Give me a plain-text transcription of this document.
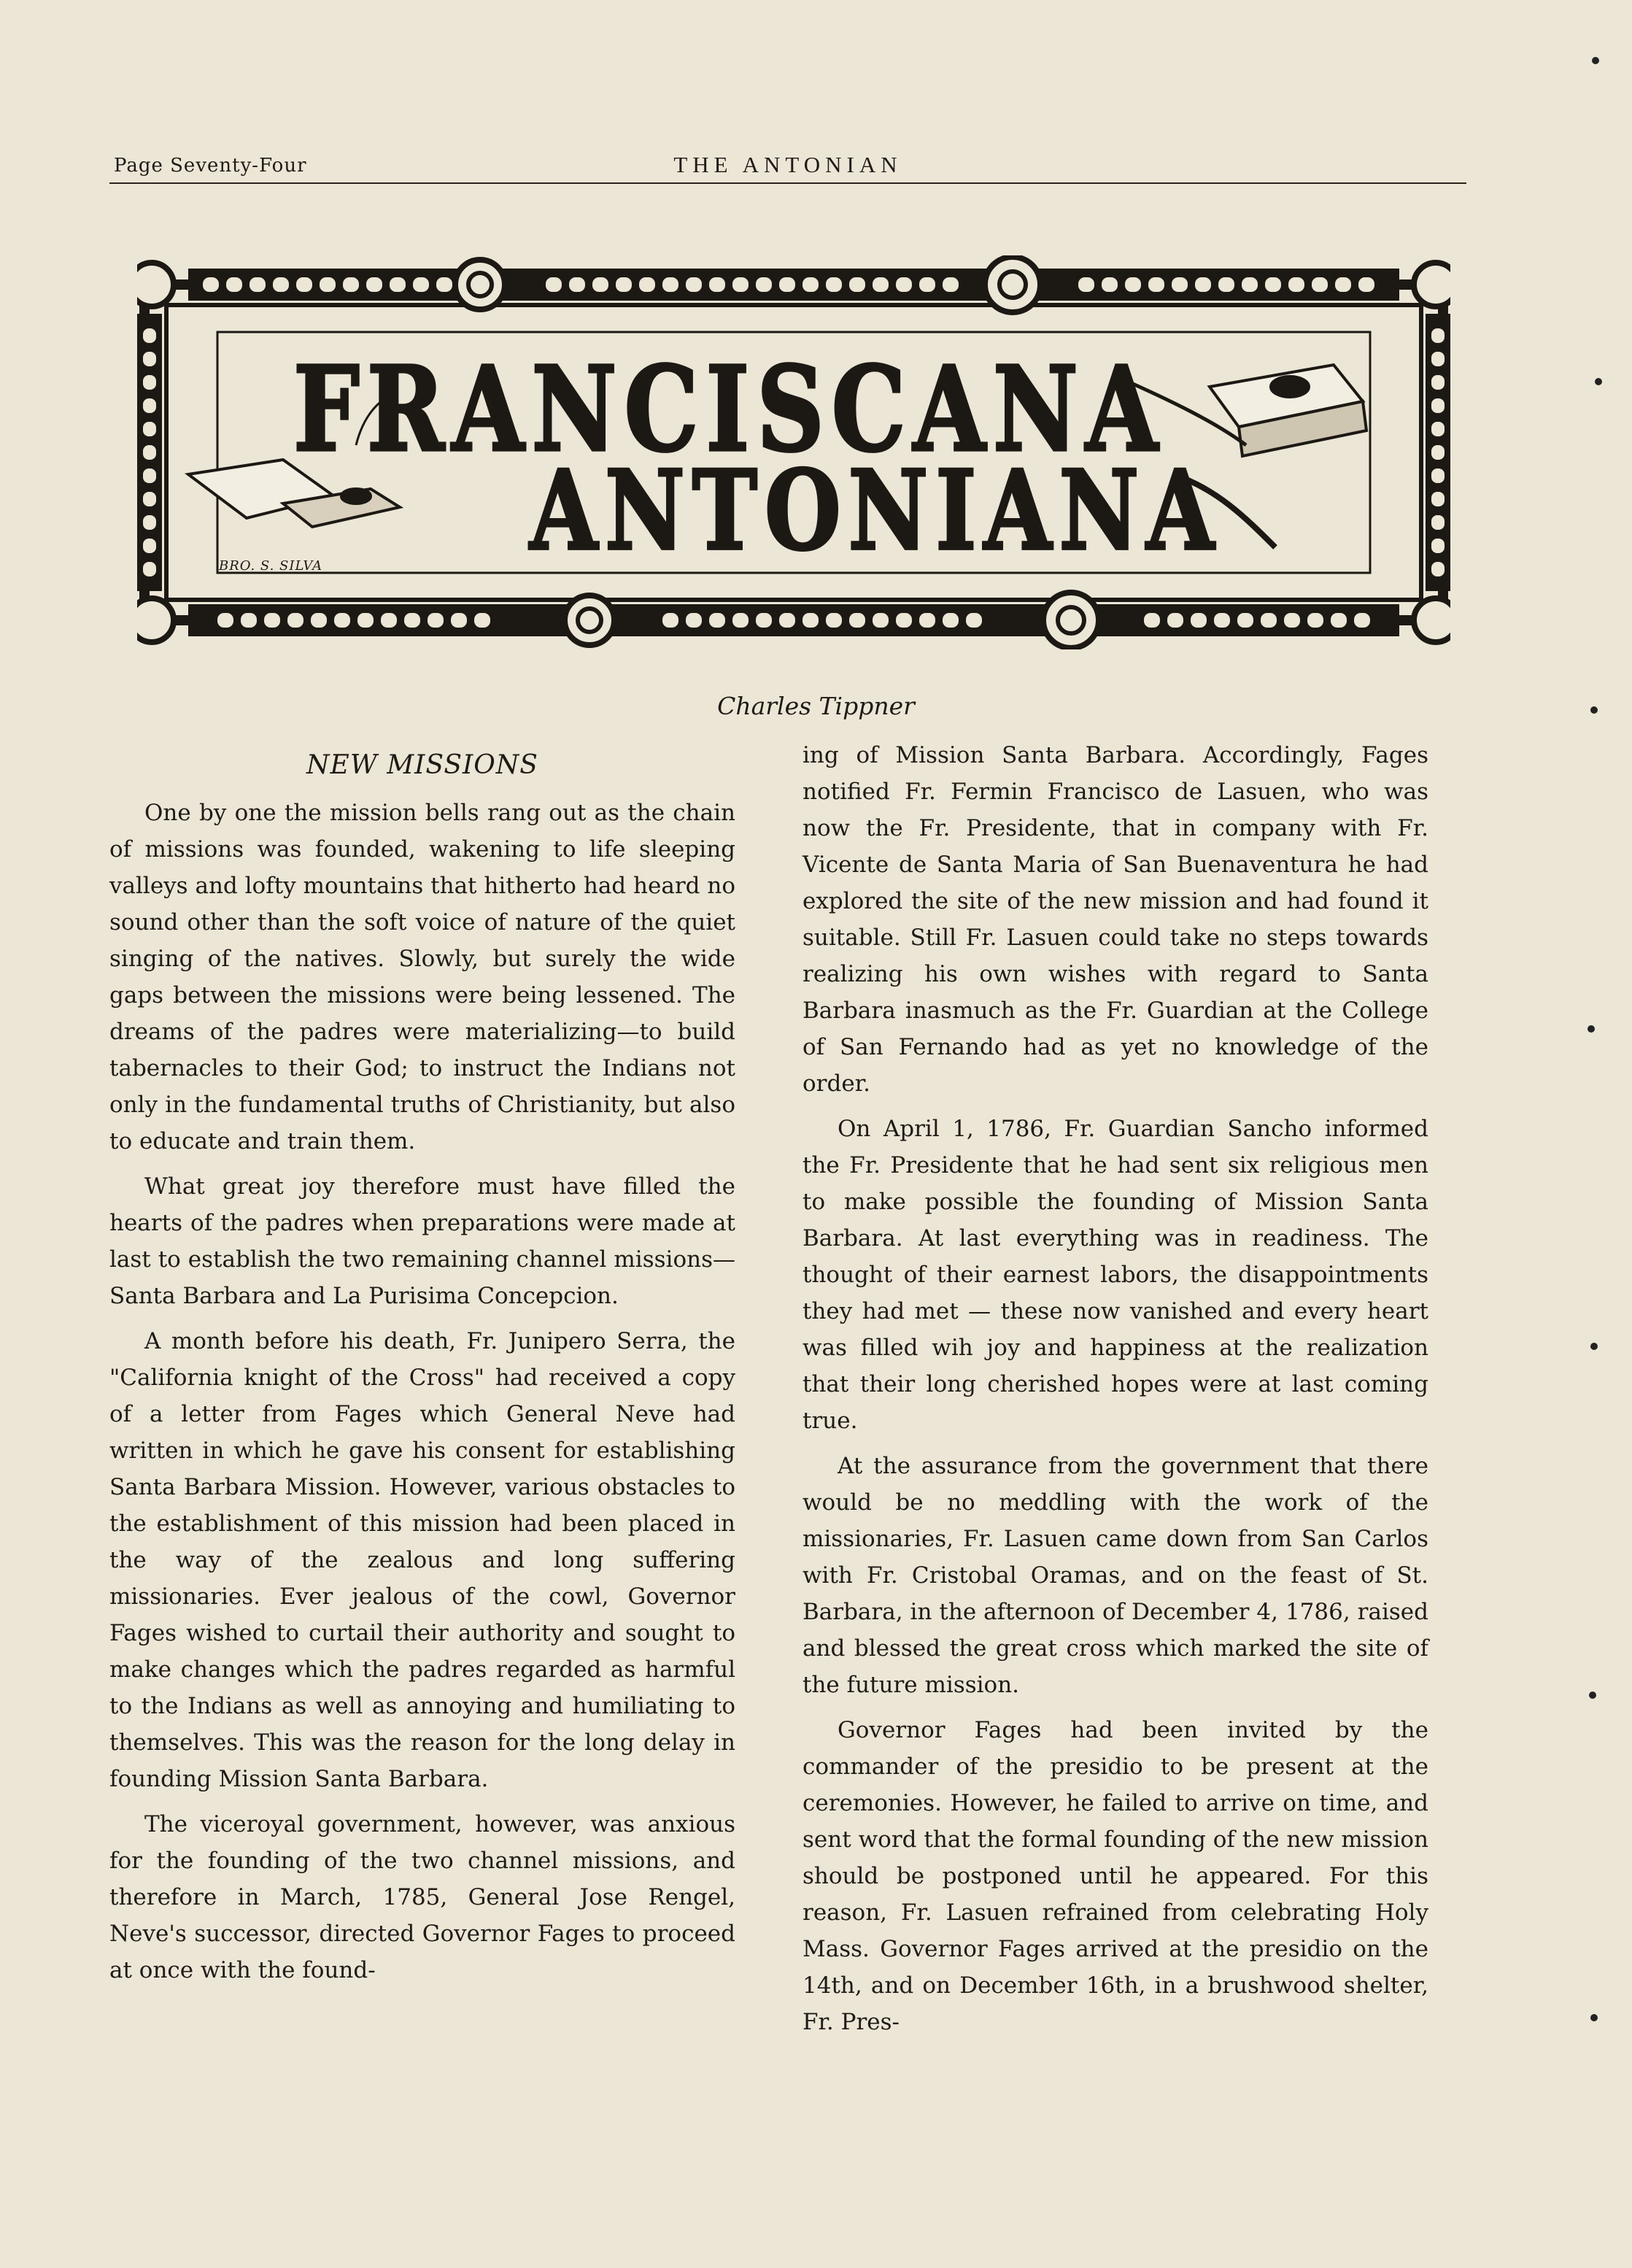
Page Seventy-Four	THE ANTONIAN
FRANCISCANA
ANTONIANA
BRO. S. SILVA
Charles Tippner
NEW MISSIONS

One by one the mission bells rang out as the chain of missions was founded, wakening to life sleeping valleys and lofty mountains that hitherto had heard no sound other than the soft voice of nature of the quiet singing of the natives. Slowly, but surely the wide gaps between the missions were being lessened. The dreams of the padres were materializing—to build tabernacles to their God; to instruct the Indians not only in the fundamental truths of Christianity, but also to educate and train them.

What great joy therefore must have filled the hearts of the padres when preparations were made at last to establish the two remaining channel missions—Santa Barbara and La Purisima Concepcion.

A month before his death, Fr. Junipero Serra, the "California knight of the Cross" had received a copy of a letter from Fages which General Neve had written in which he gave his consent for establishing Santa Barbara Mission. However, various obstacles to the establishment of this mission had been placed in the way of the zealous and long suffering missionaries. Ever jealous of the cowl, Governor Fages wished to curtail their authority and sought to make changes which the padres regarded as harmful to the Indians as well as annoying and humiliating to themselves. This was the reason for the long delay in founding Mission Santa Barbara.

The viceroyal government, however, was anxious for the founding of the two channel missions, and therefore in March, 1785, General Jose Rengel, Neve's successor, directed Governor Fages to proceed at once with the found-

ing of Mission Santa Barbara. Accordingly, Fages notified Fr. Fermin Francisco de Lasuen, who was now the Fr. Presidente, that in company with Fr. Vicente de Santa Maria of San Buenaventura he had explored the site of the new mission and had found it suitable. Still Fr. Lasuen could take no steps towards realizing his own wishes with regard to Santa Barbara inasmuch as the Fr. Guardian at the College of San Fernando had as yet no knowledge of the order.

On April 1, 1786, Fr. Guardian Sancho informed the Fr. Presidente that he had sent six religious men to make possible the founding of Mission Santa Barbara. At last everything was in readiness. The thought of their earnest labors, the disappointments they had met — these now vanished and every heart was filled wih joy and happiness at the realization that their long cherished hopes were at last coming true.

At the assurance from the government that there would be no meddling with the work of the missionaries, Fr. Lasuen came down from San Carlos with Fr. Cristobal Oramas, and on the feast of St. Barbara, in the afternoon of December 4, 1786, raised and blessed the great cross which marked the site of the future mission.

Governor Fages had been invited by the commander of the presidio to be present at the ceremonies. However, he failed to arrive on time, and sent word that the formal founding of the new mission should be postponed until he appeared. For this reason, Fr. Lasuen refrained from celebrating Holy Mass. Governor Fages arrived at the presidio on the 14th, and on December 16th, in a brushwood shelter, Fr. Pres-
